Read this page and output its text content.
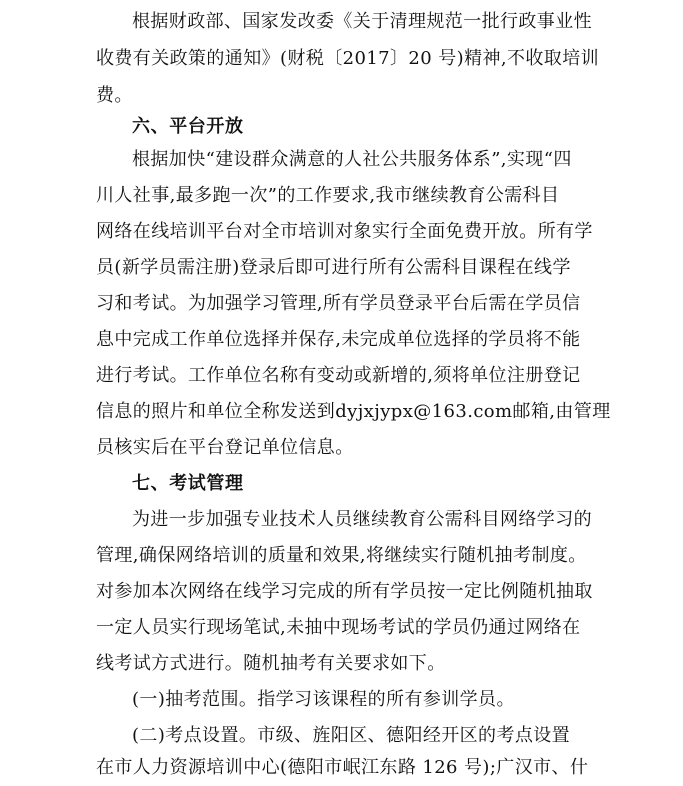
根据财政部、国家发改委《关于清理规范一批行政事业性
收费有关政策的通知》(财税〔2017〕20 号)精神,不收取培训
费。
六、平台开放
根据加快“建设群众满意的人社公共服务体系”,实现“四
川人社事,最多跑一次”的工作要求,我市继续教育公需科目
网络在线培训平台对全市培训对象实行全面免费开放。所有学
员(新学员需注册)登录后即可进行所有公需科目课程在线学
习和考试。为加强学习管理,所有学员登录平台后需在学员信
息中完成工作单位选择并保存,未完成单位选择的学员将不能
进行考试。工作单位名称有变动或新增的,须将单位注册登记
信息的照片和单位全称发送到dyjxjypx@163.com邮箱,由管理
员核实后在平台登记单位信息。
七、考试管理
为进一步加强专业技术人员继续教育公需科目网络学习的
管理,确保网络培训的质量和效果,将继续实行随机抽考制度。
对参加本次网络在线学习完成的所有学员按一定比例随机抽取
一定人员实行现场笔试,未抽中现场考试的学员仍通过网络在
线考试方式进行。随机抽考有关要求如下。
(一)抽考范围。指学习该课程的所有参训学员。
(二)考点设置。市级、旌阳区、德阳经开区的考点设置
在市人力资源培训中心(德阳市岷江东路 126 号);广汉市、什
